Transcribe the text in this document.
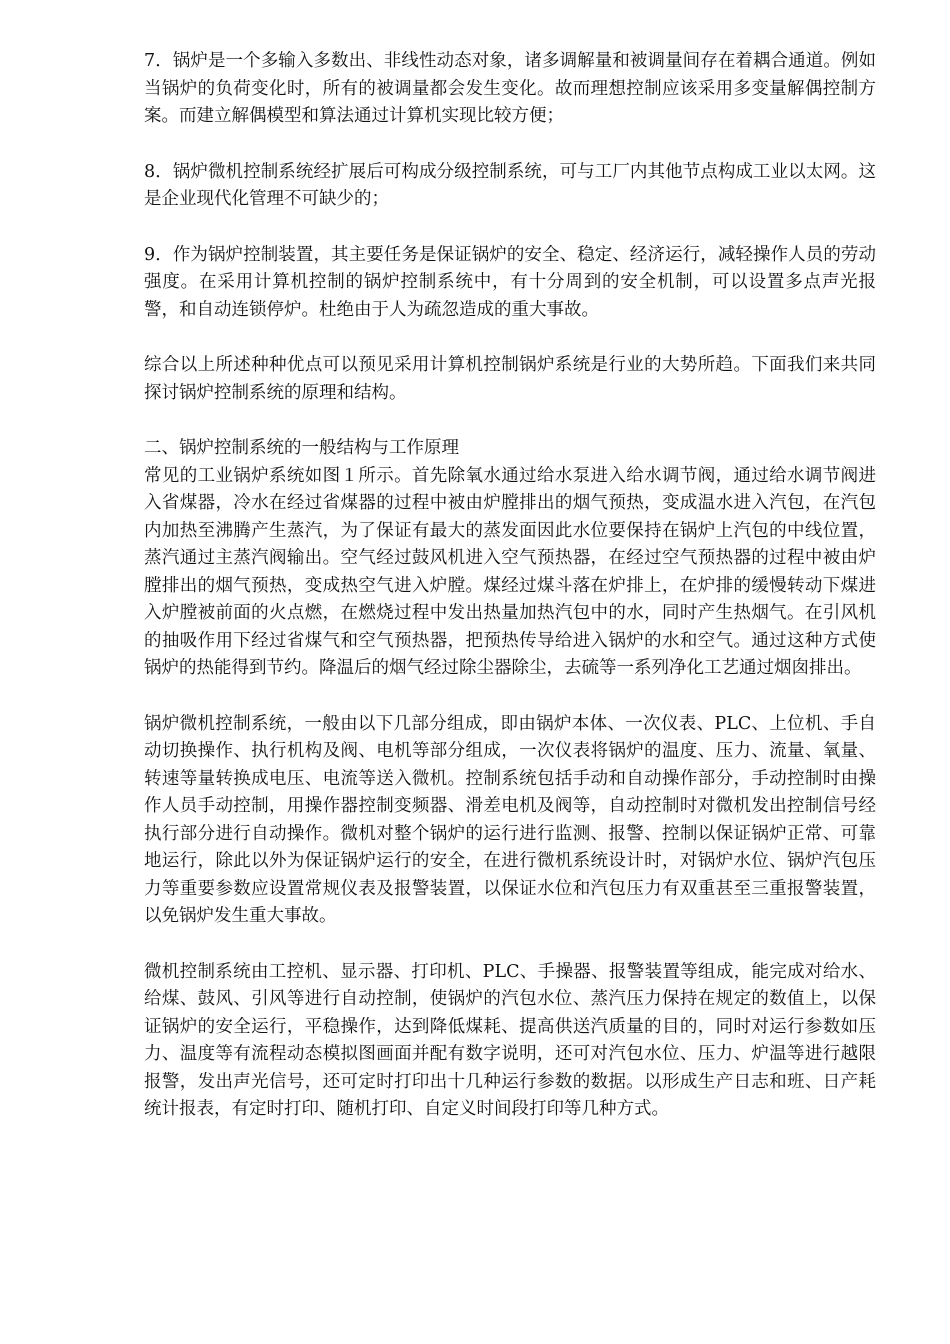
7．锅炉是一个多输入多数出、非线性动态对象，诸多调解量和被调量间存在着耦合通道。例如当锅炉的负荷变化时，所有的被调量都会发生变化。故而理想控制应该采用多变量解偶控制方案。而建立解偶模型和算法通过计算机实现比较方便；

8．锅炉微机控制系统经扩展后可构成分级控制系统，可与工厂内其他节点构成工业以太网。这是企业现代化管理不可缺少的；

9．作为锅炉控制装置，其主要任务是保证锅炉的安全、稳定、经济运行，减轻操作人员的劳动强度。在采用计算机控制的锅炉控制系统中，有十分周到的安全机制，可以设置多点声光报警，和自动连锁停炉。杜绝由于人为疏忽造成的重大事故。

综合以上所述种种优点可以预见采用计算机控制锅炉系统是行业的大势所趋。下面我们来共同探讨锅炉控制系统的原理和结构。

二、锅炉控制系统的一般结构与工作原理

常见的工业锅炉系统如图１所示。首先除氧水通过给水泵进入给水调节阀，通过给水调节阀进入省煤器，冷水在经过省煤器的过程中被由炉膛排出的烟气预热，变成温水进入汽包，在汽包内加热至沸腾产生蒸汽，为了保证有最大的蒸发面因此水位要保持在锅炉上汽包的中线位置，蒸汽通过主蒸汽阀输出。空气经过鼓风机进入空气预热器，在经过空气预热器的过程中被由炉膛排出的烟气预热，变成热空气进入炉膛。煤经过煤斗落在炉排上，在炉排的缓慢转动下煤进入炉膛被前面的火点燃，在燃烧过程中发出热量加热汽包中的水，同时产生热烟气。在引风机的抽吸作用下经过省煤气和空气预热器，把预热传导给进入锅炉的水和空气。通过这种方式使锅炉的热能得到节约。降温后的烟气经过除尘器除尘，去硫等一系列净化工艺通过烟囱排出。

锅炉微机控制系统，一般由以下几部分组成，即由锅炉本体、一次仪表、PLC、上位机、手自动切换操作、执行机构及阀、电机等部分组成，一次仪表将锅炉的温度、压力、流量、氧量、转速等量转换成电压、电流等送入微机。控制系统包括手动和自动操作部分，手动控制时由操作人员手动控制，用操作器控制变频器、滑差电机及阀等，自动控制时对微机发出控制信号经执行部分进行自动操作。微机对整个锅炉的运行进行监测、报警、控制以保证锅炉正常、可靠地运行，除此以外为保证锅炉运行的安全，在进行微机系统设计时，对锅炉水位、锅炉汽包压力等重要参数应设置常规仪表及报警装置，以保证水位和汽包压力有双重甚至三重报警装置，以免锅炉发生重大事故。

微机控制系统由工控机、显示器、打印机、PLC、手操器、报警装置等组成，能完成对给水、给煤、鼓风、引风等进行自动控制，使锅炉的汽包水位、蒸汽压力保持在规定的数值上，以保证锅炉的安全运行，平稳操作，达到降低煤耗、提高供送汽质量的目的，同时对运行参数如压力、温度等有流程动态模拟图画面并配有数字说明，还可对汽包水位、压力、炉温等进行越限报警，发出声光信号，还可定时打印出十几种运行参数的数据。以形成生产日志和班、日产耗统计报表，有定时打印、随机打印、自定义时间段打印等几种方式。
